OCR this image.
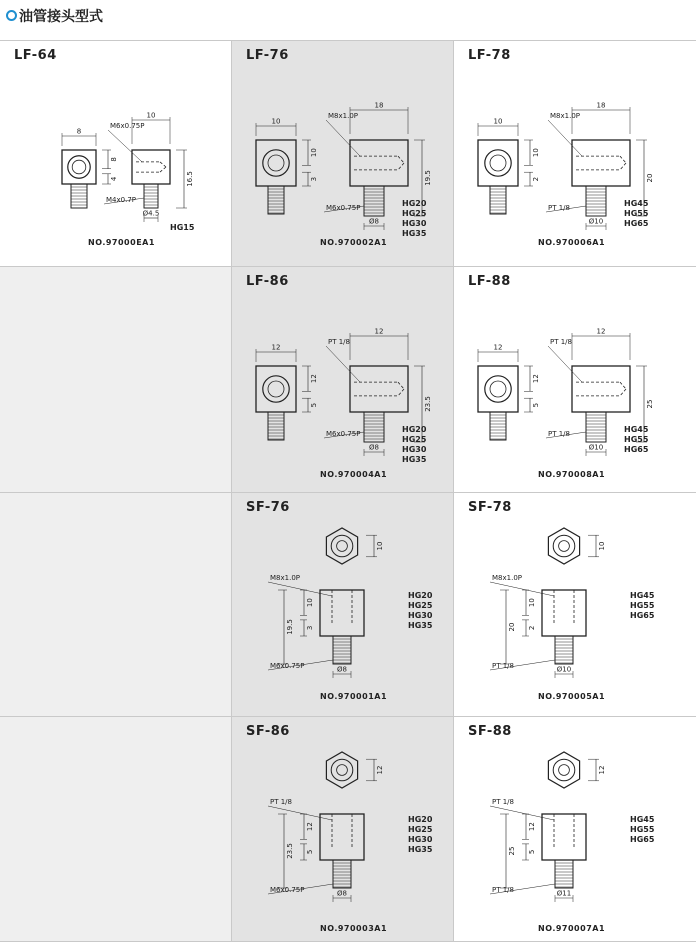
油管接头型式
LF-64
8
10
M6x0.75P
M4x0.7P
8
4	16.5
Ø4.5
HG15
NO.97000EA1
LF-76
10
18
M8x1.0P
M6x0.75P
10
3	19.5
Ø8
HG20
HG25
HG30
HG35
NO.970002A1
LF-78
10
18
M8x1.0P
PT 1/8
10
2	20
Ø10
HG45
HG55
HG65
NO.970006A1
LF-86
12
12
PT 1/8
M6x0.75P
12
5	23.5
Ø8
HG20
HG25
HG30
HG35
NO.970004A1
LF-88
12
12
PT 1/8
PT 1/8
12
5	25
Ø10
HG45
HG55
HG65
NO.970008A1
SF-76
10
M8x1.0P
M6x0.75P
10
3
19.5
Ø8
HG20
HG25
HG30
HG35
NO.970001A1
SF-78
10
M8x1.0P
PT 1/8
10
2
20
Ø10
HG45
HG55
HG65
NO.970005A1
SF-86
12
PT 1/8
M6x0.75P
12
5
23.5
Ø8
HG20
HG25
HG30
HG35
NO.970003A1
SF-88
12
PT 1/8
PT 1/8
12
5
25
Ø11
HG45
HG55
HG65
NO.970007A1
